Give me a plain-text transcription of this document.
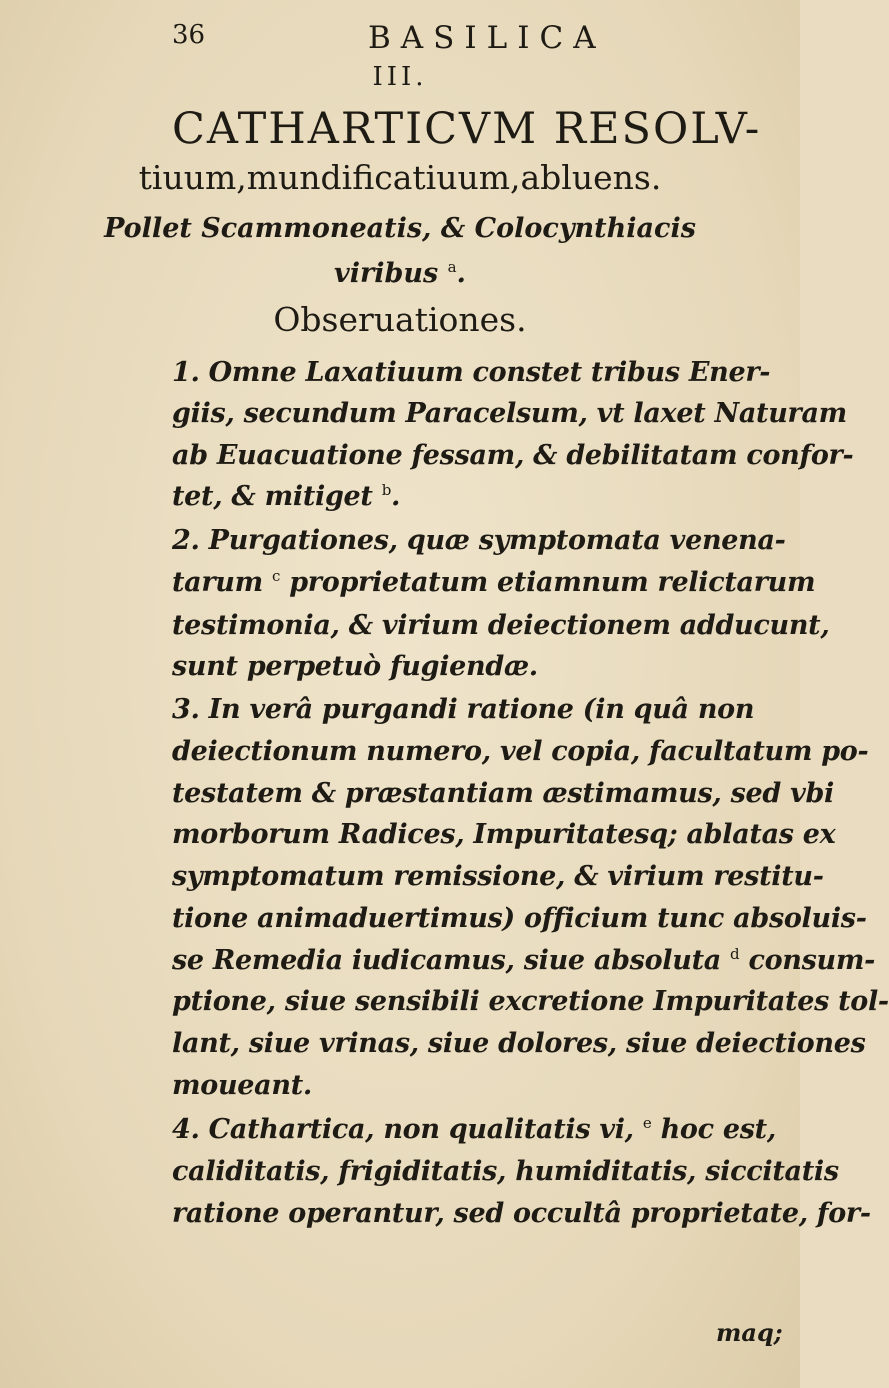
36	BASILICA
III.
CATHARTICVM RESOLV-
tiuum,mundificatiuum,abluens.
Pollet Scammoneatis, & Colocynthiacis
viribus $^a$.
Obseruationes.
1. Omne Laxatiuum constet tribus Ener-
giis, secundum Paracelsum, vt laxet Naturam
ab Euacuatione fessam, & debilitatam confor-
tet, & mitiget $^b$.
2. Purgationes, quæ symptomata venena-
tarum $^c$ proprietatum etiamnum relictarum
testimonia, & virium deiectionem adducunt,
sunt perpetuò fugiendæ.
3. In verâ purgandi ratione (in quâ non
deiectionum numero, vel copia, facultatum po-
testatem & præstantiam æstimamus, sed vbi
morborum Radices, Impuritatesq; ablatas ex
symptomatum remissione, & virium restitu-
tione animaduertimus) officium tunc absoluis-
se Remedia iudicamus, siue absoluta $^d$ consum-
ptione, siue sensibili excretione Impuritates tol-
lant, siue vrinas, siue dolores, siue deiectiones
moueant.
4. Cathartica, non qualitatis vi, $^e$ hoc est,
caliditatis, frigiditatis, humiditatis, siccitatis
ratione operantur, sed occultâ proprietate, for-
maq;
